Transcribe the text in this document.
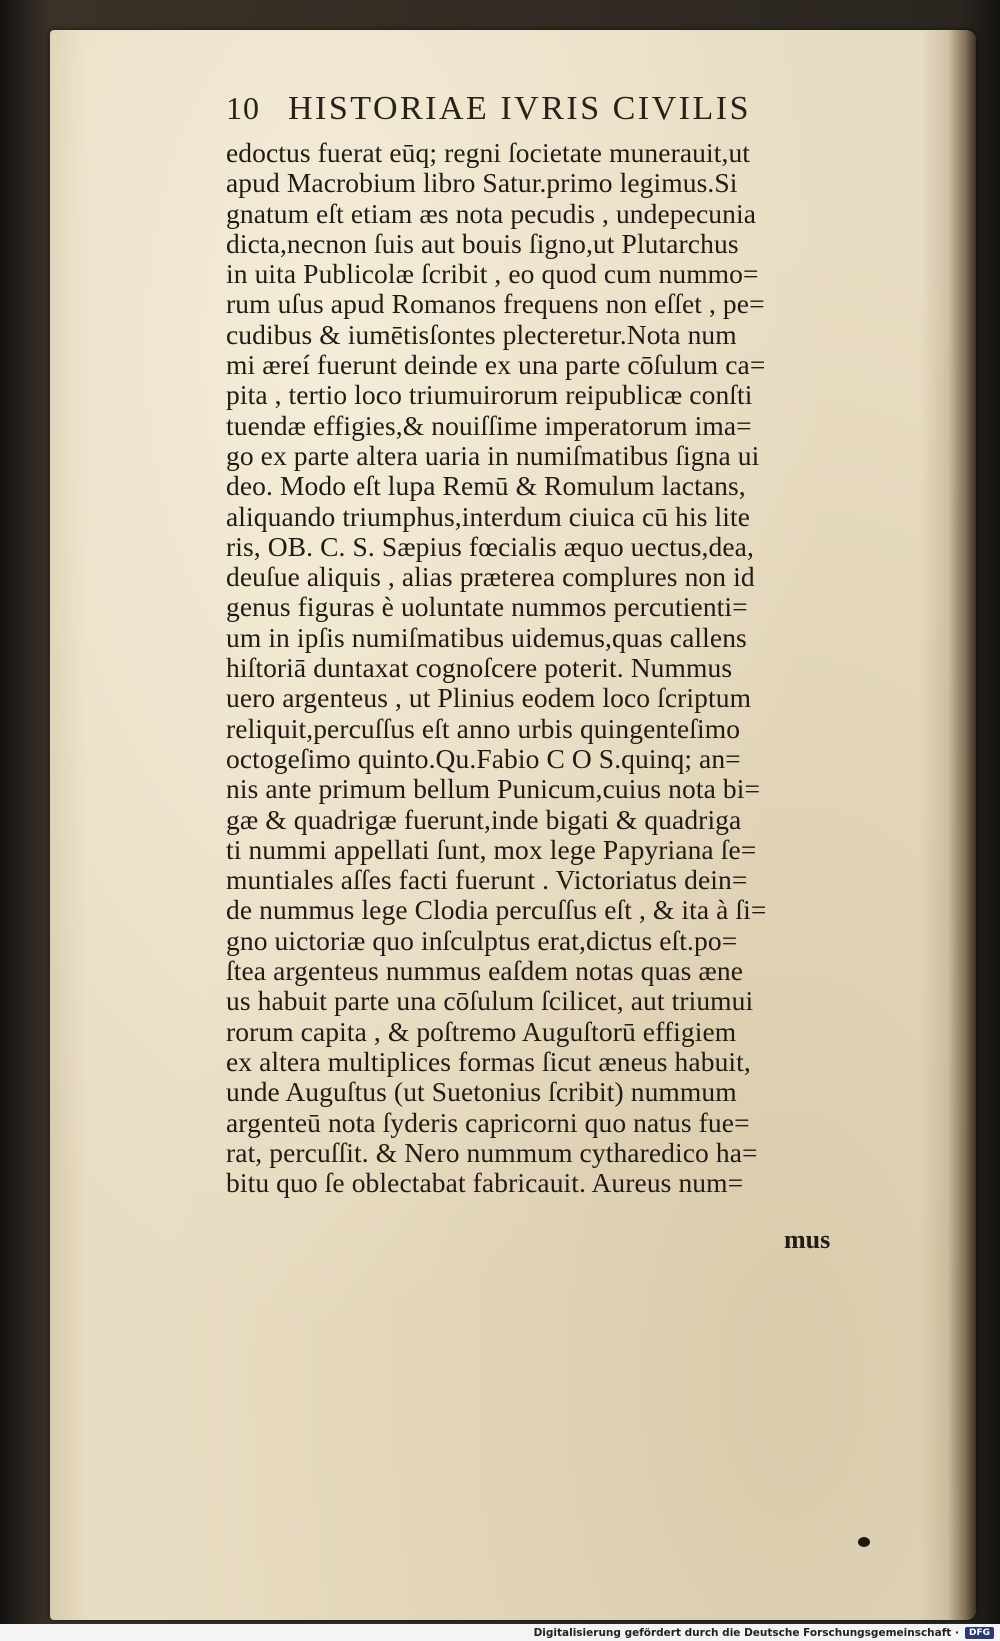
10 HISTORIAE IVRIS CIVILIS
edoctus fuerat eūq; regni ſocietate munerauit,ut
apud Macrobium libro Satur.primo legimus.Si
gnatum eſt etiam æs nota pecudis , undepecunia
dicta,necnon ſuis aut bouis ſigno,ut Plutarchus
in uita Publicolæ ſcribit , eo quod cum nummo=
rum uſus apud Romanos frequens non eſſet , pe=
cudibus & iumētisſontes plecteretur.Nota num
mi æreí fuerunt deinde ex una parte cōſulum ca=
pita , tertio loco triumuirorum reipublicæ conſti
tuendæ effigies,& nouiſſime imperatorum ima=
go ex parte altera uaria in numiſmatibus ſigna ui
deo. Modo eſt lupa Remū & Romulum lactans,
aliquando triumphus,interdum ciuica cū his lite
ris, OB. C. S. Sæpius fœcialis æquo uectus,dea,
deuſue aliquis , alias præterea complures non id
genus figuras è uoluntate nummos percutienti=
um in ipſis numiſmatibus uidemus,quas callens
hiſtoriā duntaxat cognoſcere poterit. Nummus
uero argenteus , ut Plinius eodem loco ſcriptum
reliquit,percuſſus eſt anno urbis quingenteſimo
octogeſimo quinto.Qu.Fabio C O S.quinq; an=
nis ante primum bellum Punicum,cuius nota bi=
gæ & quadrigæ fuerunt,inde bigati & quadriga
ti nummi appellati ſunt, mox lege Papyriana ſe=
muntiales aſſes facti fuerunt . Victoriatus dein=
de nummus lege Clodia percuſſus eſt , & ita à ſi=
gno uictoriæ quo inſculptus erat,dictus eſt.po=
ſtea argenteus nummus eaſdem notas quas æne
us habuit parte una cōſulum ſcilicet, aut triumui
rorum capita , & poſtremo Auguſtorū effigiem
ex altera multiplices formas ſicut æneus habuit,
unde Auguſtus (ut Suetonius ſcribit) nummum
argenteū nota ſyderis capricorni quo natus fue=
rat, percuſſit. & Nero nummum cytharedico ha=
bitu quo ſe oblectabat fabricauit. Aureus num=
mus
Digitalisierung gefördert durch die Deutsche Forschungsgemeinschaft ·	DFG
